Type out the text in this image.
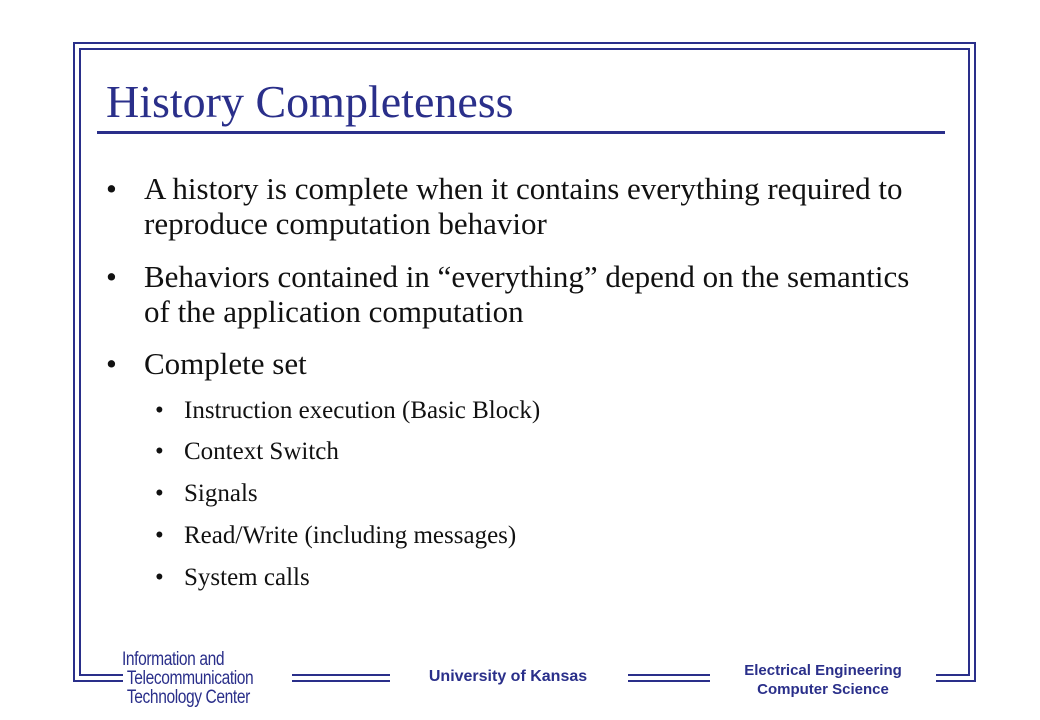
History Completeness
• A history is complete when it contains everything required to reproduce computation behavior
• Behaviors contained in “everything” depend on the semantics of the application computation
• Complete set
• Instruction execution (Basic Block)
• Context Switch
• Signals
• Read/Write (including messages)
• System calls
Information and
Telecommunication
Technology Center
University of Kansas	Electrical Engineering
Computer Science
